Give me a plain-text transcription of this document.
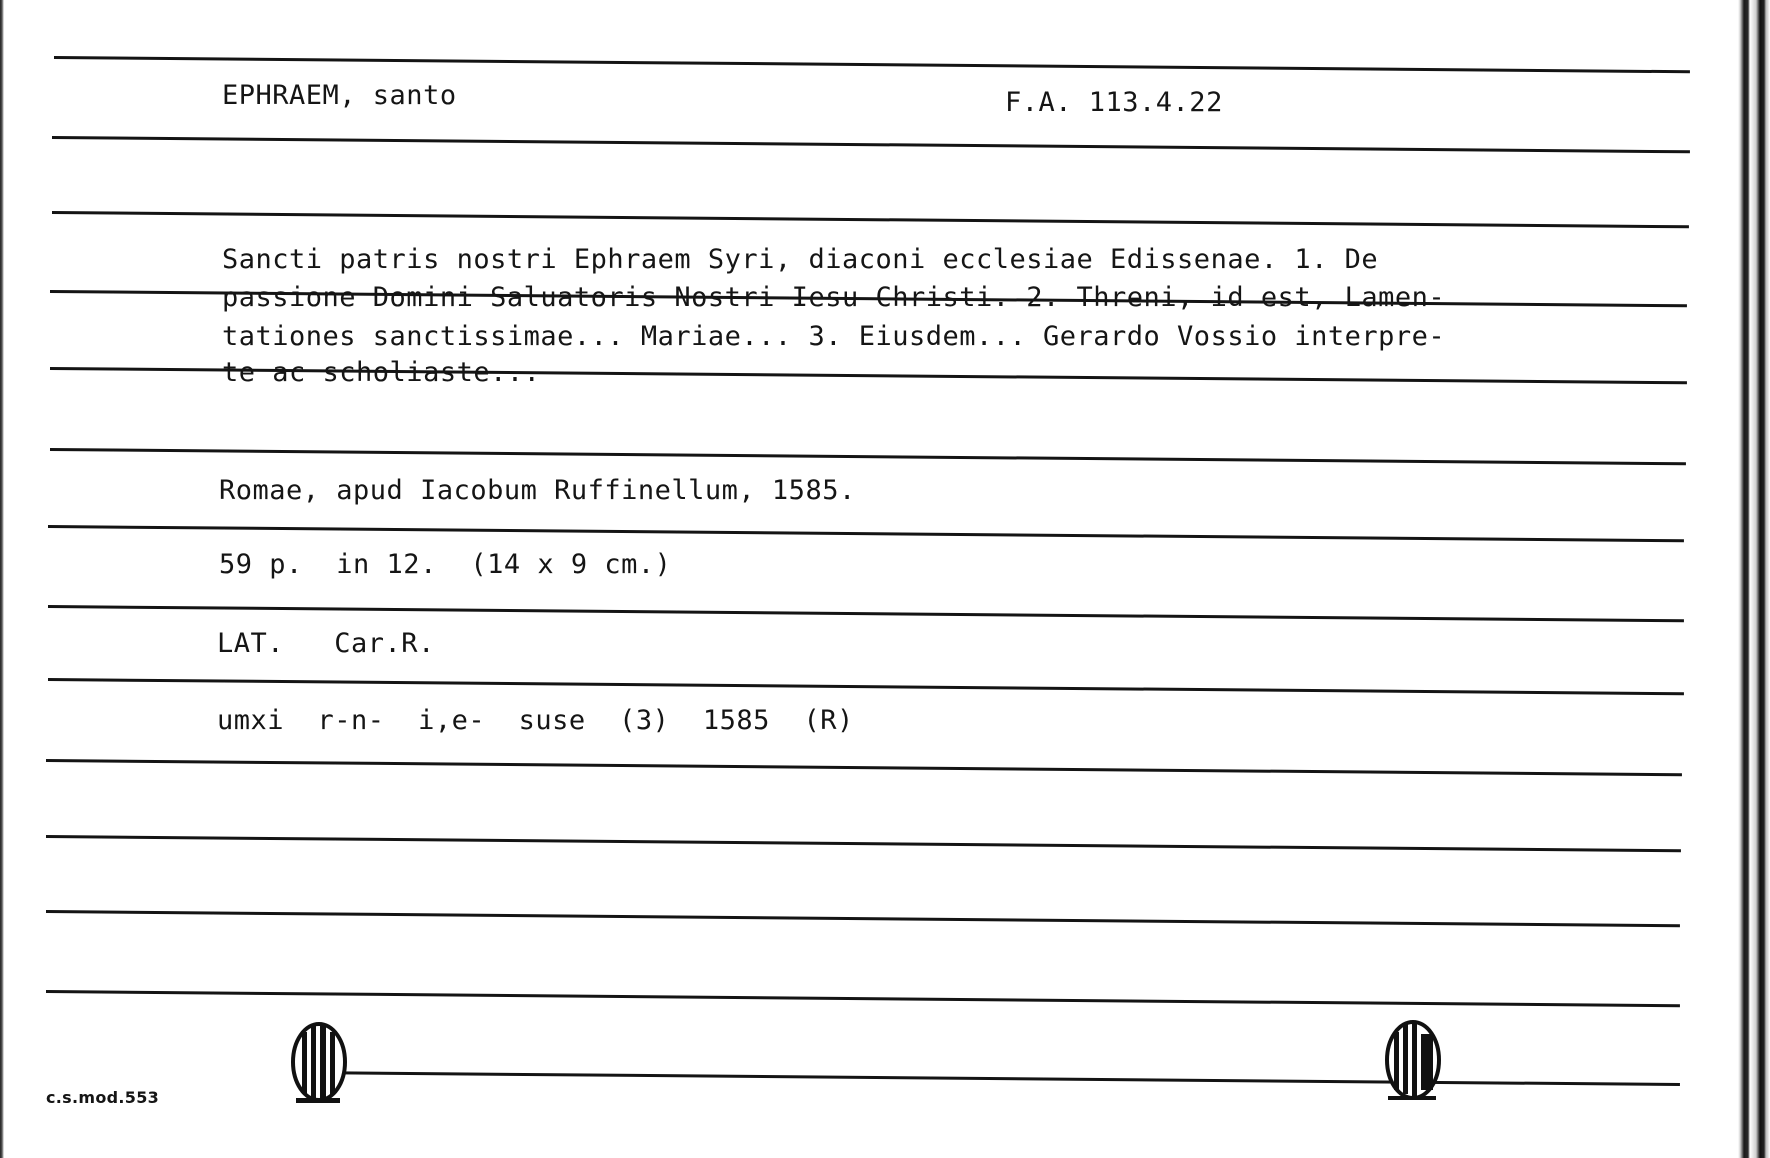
EPHRAEM, santo	F.A. 113.4.22
Sancti patris nostri Ephraem Syri, diaconi ecclesiae Edissenae. 1. De
passione Domini Saluatoris Nostri Iesu Christi. 2. Threni, id est, Lamen-
tationes sanctissimae... Mariae... 3. Eiusdem... Gerardo Vossio interpre-
te ac scholiaste...
Romae, apud Iacobum Ruffinellum, 1585.
59 p.  in 12.  (14 x 9 cm.)
LAT.   Car.R.
umxi  r-n-  i,e-  suse  (3)  1585  (R)
c.s.mod.553
